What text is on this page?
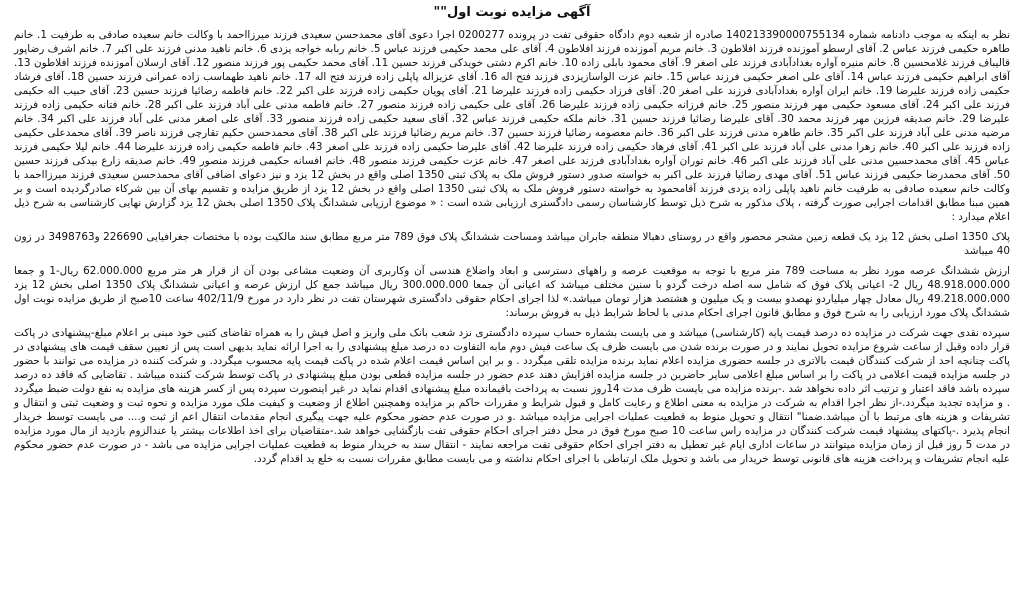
آگهی مزایده نوبت اول""

نظر به اینکه به موجب دادنامه شماره 140213390000755134 صادره از شعبه دوم دادگاه حقوقی تفت در پرونده 0200277 اجرا دعوی آقای محمدحسن سعیدی فرزند میرزااحمد با وکالت خانم سعیده صادقی به طرفیت 1. خانم طاهره حکیمی فرزند عباس 2. آقای ارسطو آموزنده فرزند افلاطون 3. خانم مریم آموزنده فرزند افلاطون 4. آقای علی محمد حکیمی فرزند عباس 5. خانم ربابه خواجه یزدی 6. خانم ناهید مدنی فرزند علی اکبر 7. خانم اشرف رضاپور قالیباف فرزند غلامحسین 8. خانم منیره آواره بغدادآبادی فرزند علی اصغر 9. آقای محمود بابلی زاده 10. خانم اکرم دشتی خویدکی فرزند حسین 11. آقای محمد حکیمی پور فرزند منصور 12. آقای ارسلان آموزنده فرزند افلاطون 13. آقای ابراهیم حکیمی فرزند عباس 14. آقای علی اصغر حکیمی فرزند عباس 15. خانم عزت الواسازیزدی فرزند فتح اله 16. آقای عزیزاله پاپلی زاده فرزند فتح اله 17. خانم ناهید طهماسب زاده عمرانی فرزند حسین 18. آقای فرشاد حکیمی زاده فرزند علیرضا 19. خانم ایران آواره بغدادآبادی فرزند علی اصغر 20. آقای فرزاد حکیمی زاده فرزند علیرضا 21. آقای پویان حکیمی زاده فرزند علی اکبر 22. خانم فاطمه رضائیا فرزند حسین 23. آقای حبیب اله حکیمی فرزند علی اکبر 24. آقای مسعود حکیمی مهر فرزند منصور 25. خانم فرزانه حکیمی زاده فرزند علیرضا 26. آقای علی حکیمی زاده فرزند منصور 27. خانم فاطمه مدنی علی آباد فرزند علی اکبر 28. خانم فتانه حکیمی زاده فرزند علیرضا 29. خانم صدیقه فرزین مهر فرزند محمد 30. آقای علیرضا رضائیا فرزند حسین 31. خانم ملکه حکیمی فرزند عباس 32. آقای سعید حکیمی زاده فرزند منصور 33. آقای علی اصغر مدنی علی آباد فرزند علی اکبر 34. خانم مرضیه مدنی علی آباد فرزند علی اکبر 35. خانم طاهره مدنی فرزند علی اکبر 36. خانم معصومه رضائیا فرزند حسین 37. خانم مریم رضائیا فرزند علی اکبر 38. آقای محمدحسن حکیم تقارچی فرزند ناصر 39. آقای محمدعلی حکیمی زاده فرزند علی اکبر 40. خانم زهرا مدنی علی آباد فرزند علی اکبر 41. آقای فرهاد حکیمی زاده فرزند علیرضا 42. آقای علیرضا حکیمی زاده فرزند علی اصغر 43. خانم فاطمه حکیمی زاده فرزند علیرضا 44. خانم لیلا حکیمی فرزند عباس 45. آقای محمدحسین مدنی علی آباد فرزند علی اکبر 46. خانم توران آواره بغدادآبادی فرزند علی اصغر 47. خانم عزت حکیمی فرزند منصور 48. خانم افسانه حکیمی فرزند منصور 49. خانم صدیقه زارع بیدکی فرزند حسین 50. آقای محمدرضا حکیمی فرزند عباس 51. آقای مهدی رضائیا فرزند علی اکبر به خواسته صدور دستور فروش ملک به پلاک ثبتی 1350 اصلی واقع در بخش 12 یزد و نیز دعوای اضافی آقای محمدحسن سعیدی فرزند میرزااحمد با وکالت خانم سعیده صادقی به طرفیت خانم ناهید پاپلی زاده یزدی فرزند آقامحمود به خواسته دستور فروش ملک به پلاک ثبتی 1350 اصلی واقع در بخش 12 یزد از طریق مزایده و تقسیم بهای آن بین شرکاء صادرگردیده است و بر همین مبنا مطابق اقدامات اجرایی صورت گرفته ، پلاک مذکور به شرح ذیل توسط کارشناسان رسمی دادگستری ارزیابی شده است : « موضوع ارزیابی ششدانگ پلاک 1350 اصلی بخش 12 یزد گزارش نهایی کارشناسی به شرح ذیل اعلام میدارد :

پلاک 1350 اصلی بخش 12 یزد یک قطعه زمین مشجر محصور واقع در روستای دهبالا منطقه جابران میباشد ومساحت ششدانگ پلاک فوق 789 متر مربع مطابق سند مالکیت بوده با مختصات جغرافیایی 226690 و3498763 در زون 40 میباشد

ارزش ششدانگ عرصه مورد نظر به مساحت 789 متر مربع با توجه به موقعیت عرصه و راههای دسترسی و ابعاد واضلاع هندسی آن وکاربری آن وضعیت مشاعی بودن آن از قرار هر متر مربع 62.000.000 ریال-1 و جمعا 48.918.000.000 ریال 2- اعیانی پلاک فوق که شامل سه اصله درخت گردو با سنین مختلف میباشد که اعیانی آن جمعا 300.000.000 ریال میباشد جمع کل ارزش عرصه و اعیانی ششدانگ پلاک 1350 اصلی بخش 12 یزد 49.218.000.000 ریال معادل چهار میلیاردو نهصدو بیست و یک میلیون و هشتصد هزار تومان میباشد.» لذا اجرای احکام حقوقی دادگستری شهرستان تفت در نظر دارد در مورخ 402/11/9 ساعت 10صبح از طریق مزایده نوبت اول ششدانگ پلاک مورد ارزیابی را به شرح فوق و مطابق قانون اجرای احکام مدنی با لحاظ شرایط ذیل به فروش برساند:

سپرده نقدی جهت شرکت در مزایده ده درصد قیمت پایه (کارشناسی) میباشد و می بایست بشماره حساب سپرده دادگستری نزد شعب بانک ملی واریز و اصل فیش را به همراه تقاضای کتبی خود مبنی بر اعلام مبلغ-پیشنهادی در پاکت قرار داده وقبل از ساعت شروع مزایده تحویل نمایند و در صورت برنده شدن می بایست ظرف یک ساعت فیش دوم مابه التفاوت ده درصد مبلغ پیشنهادی را به اجرا ارائه نماید بدیهی است پس از تعیین سقف قیمت های پیشنهادی در پاکت چنانچه احد از شرکت کنندگان قیمت بالاتری در جلسه حضوری مزایده اعلام نماید برنده مزایده تلقی میگردد . و بر این اساس قیمت اعلام شده در پاکت قیمت پایه محسوب میگردد. و شرکت کننده در مزایده می توانند با حضور در جلسه مزایده قیمت اعلامی در پاکت را بر اساس مبلغ اعلامی سایر حاضرین در جلسه مزایده افزایش دهند عدم حضور در جلسه مزایده قطعی بودن مبلغ پیشنهادی در پاکت توسط شرکت کننده میباشد . تقاضایی که فاقد ده درصد سپرده باشد فاقد اعتبار و ترتیب اثر داده نخواهد شد .-برنده مزایده می بایست ظرف مدت 14روز نسبت به پرداخت باقیمانده مبلغ پیشنهادی اقدام نماید در غیر اینصورت سپرده پس از کسر هزینه های مزایده به نفع دولت ضبط میگردد . و مزایده تجدید میگردد.-از نظر اجرا اقدام به شرکت در مزایده به معنی اطلاع و رعایت کامل و قبول شرایط و مقررات حاکم بر مزایده وهمچنین اطلاع از وضعیت و کیفیت ملک مورد مزایده و نحوه ثبت و وضعیت ثبتی و انتقال و تشریفات و هزینه های مرتبط با آن میباشد.ضمنا" انتقال و تحویل منوط به قطعیت عملیات اجرایی مزایده میباشد .و در صورت عدم حضور محکوم علیه جهت پیگیری انجام مقدمات انتقال اعم از ثبت و.... می بایست توسط خریدار انجام پذیرد .-پاکتهای پیشنهاد قیمت شرکت کنندگان در مزایده راس ساعت 10 صبح مورخ فوق در محل دفتر اجرای احکام حقوقی تفت بازگشایی خواهد شد.-متقاضیان برای اخذ اطلاعات بیشتر یا عندالزوم بازدید از مال مورد مزایده در مدت 5 روز قبل از زمان مزایده میتوانند در ساعات اداری ایام غیر تعطیل به دفتر اجرای احکام حقوقی تفت مراجعه نمایند - انتقال سند به خریدار منوط به قطعیت عملیات اجرایی مزایده می باشد - در صورت عدم حضور محکوم علیه انجام تشریفات و پرداخت هزینه های قانونی توسط خریدار می باشد و تحویل ملک ارتباطی با اجرای احکام نداشته و می بایست مطابق مقررات نسبت به خلع ید اقدام گردد.
